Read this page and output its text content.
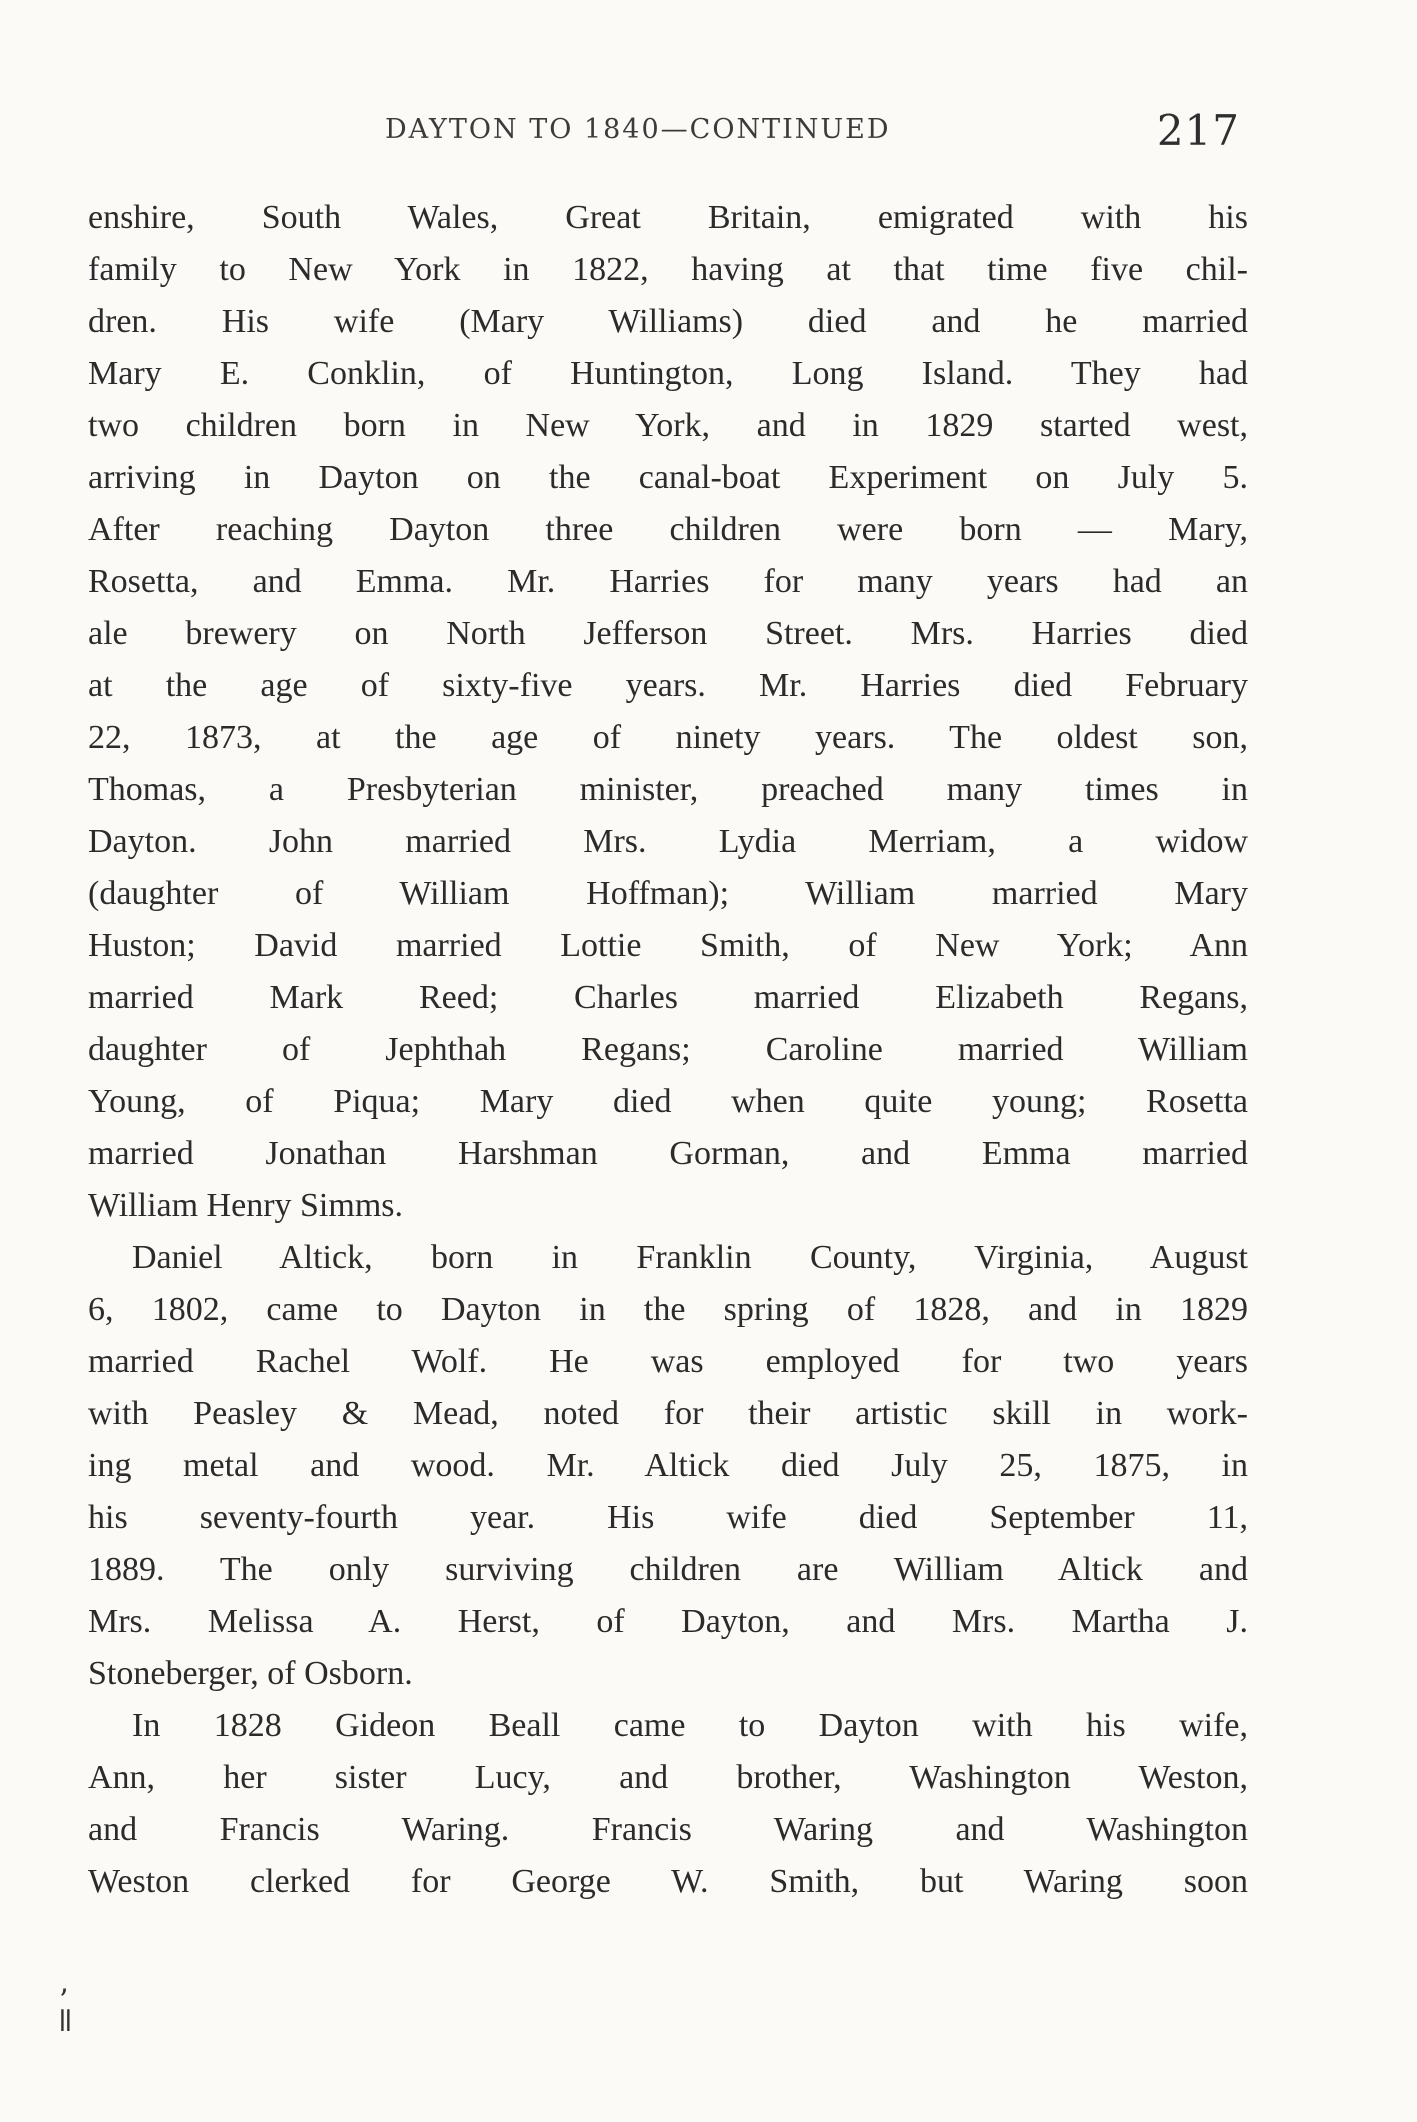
DAYTON TO 1840—CONTINUED	217
enshire, South Wales, Great Britain, emigrated with his
family to New York in 1822, having at that time five chil-
dren. His wife (Mary Williams) died and he married
Mary E. Conklin, of Huntington, Long Island. They had
two children born in New York, and in 1829 started west,
arriving in Dayton on the canal-boat Experiment on July 5.
After reaching Dayton three children were born — Mary,
Rosetta, and Emma. Mr. Harries for many years had an
ale brewery on North Jefferson Street. Mrs. Harries died
at the age of sixty-five years. Mr. Harries died February
22, 1873, at the age of ninety years. The oldest son,
Thomas, a Presbyterian minister, preached many times in
Dayton. John married Mrs. Lydia Merriam, a widow
(daughter of William Hoffman); William married Mary
Huston; David married Lottie Smith, of New York; Ann
married Mark Reed; Charles married Elizabeth Regans,
daughter of Jephthah Regans; Caroline married William
Young, of Piqua; Mary died when quite young; Rosetta
married Jonathan Harshman Gorman, and Emma married
William Henry Simms.
Daniel Altick, born in Franklin County, Virginia, August
6, 1802, came to Dayton in the spring of 1828, and in 1829
married Rachel Wolf. He was employed for two years
with Peasley & Mead, noted for their artistic skill in work-
ing metal and wood. Mr. Altick died July 25, 1875, in
his seventy-fourth year. His wife died September 11,
1889. The only surviving children are William Altick and
Mrs. Melissa A. Herst, of Dayton, and Mrs. Martha J.
Stoneberger, of Osborn.
In 1828 Gideon Beall came to Dayton with his wife,
Ann, her sister Lucy, and brother, Washington Weston,
and Francis Waring. Francis Waring and Washington
Weston clerked for George W. Smith, but Waring soon
ʼ ǁ
